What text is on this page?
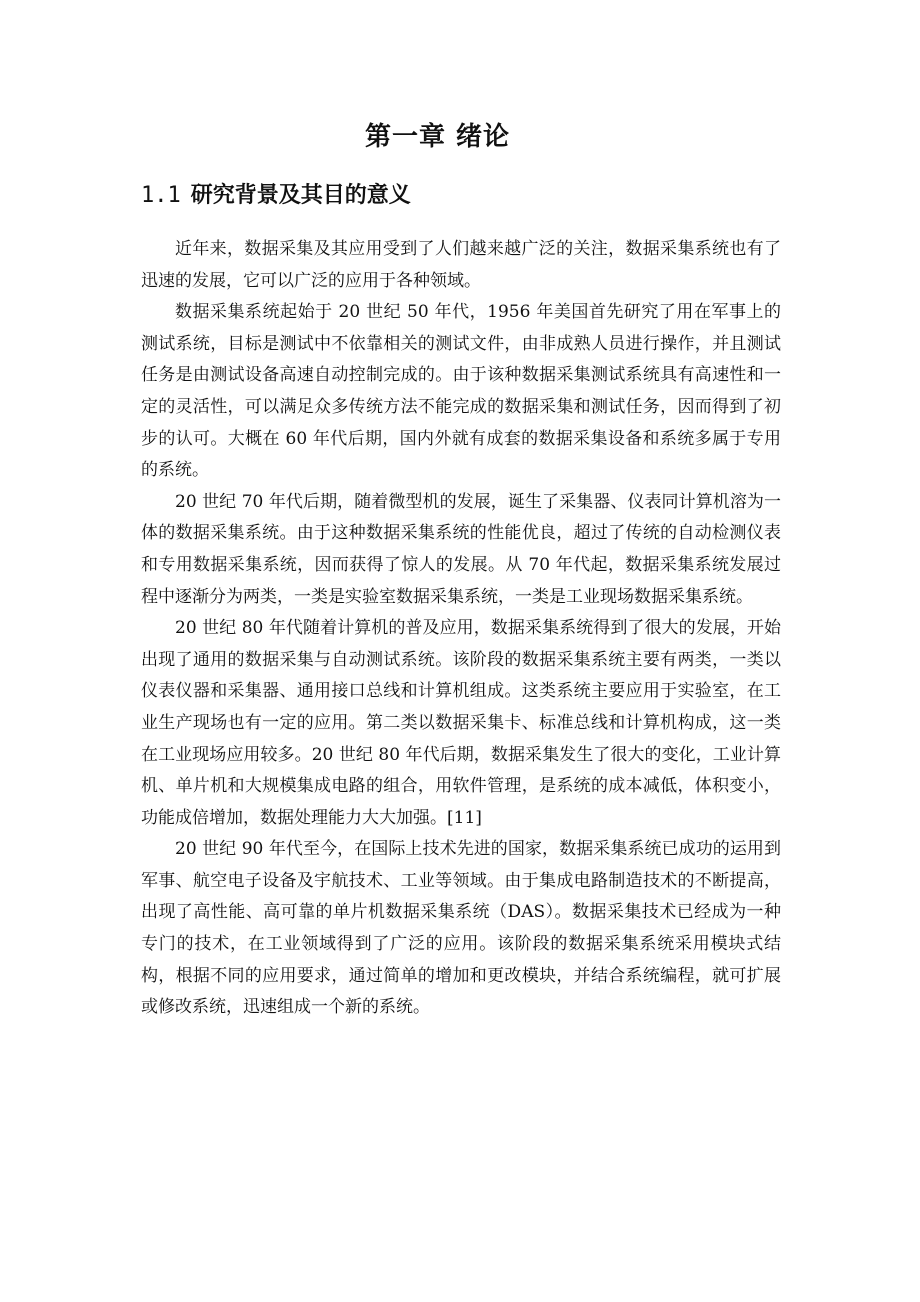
第一章 绪论
1.1 研究背景及其目的意义

近年来，数据采集及其应用受到了人们越来越广泛的关注，数据采集系统也有了迅速的发展，它可以广泛的应用于各种领域。

数据采集系统起始于 20 世纪 50 年代，1956 年美国首先研究了用在军事上的测试系统，目标是测试中不依靠相关的测试文件，由非成熟人员进行操作，并且测试任务是由测试设备高速自动控制完成的。由于该种数据采集测试系统具有高速性和一定的灵活性，可以满足众多传统方法不能完成的数据采集和测试任务，因而得到了初步的认可。大概在 60 年代后期，国内外就有成套的数据采集设备和系统多属于专用的系统。

20 世纪 70 年代后期，随着微型机的发展，诞生了采集器、仪表同计算机溶为一体的数据采集系统。由于这种数据采集系统的性能优良，超过了传统的自动检测仪表和专用数据采集系统，因而获得了惊人的发展。从 70 年代起，数据采集系统发展过程中逐渐分为两类，一类是实验室数据采集系统，一类是工业现场数据采集系统。

20 世纪 80 年代随着计算机的普及应用，数据采集系统得到了很大的发展，开始出现了通用的数据采集与自动测试系统。该阶段的数据采集系统主要有两类，一类以仪表仪器和采集器、通用接口总线和计算机组成。这类系统主要应用于实验室，在工业生产现场也有一定的应用。第二类以数据采集卡、标准总线和计算机构成，这一类在工业现场应用较多。20 世纪 80 年代后期，数据采集发生了很大的变化，工业计算机、单片机和大规模集成电路的组合，用软件管理，是系统的成本减低，体积变小，功能成倍增加，数据处理能力大大加强。[11]

20 世纪 90 年代至今，在国际上技术先进的国家，数据采集系统已成功的运用到军事、航空电子设备及宇航技术、工业等领域。由于集成电路制造技术的不断提高，出现了高性能、高可靠的单片机数据采集系统（DAS）。数据采集技术已经成为一种专门的技术，在工业领域得到了广泛的应用。该阶段的数据采集系统采用模块式结构，根据不同的应用要求，通过简单的增加和更改模块，并结合系统编程，就可扩展或修改系统，迅速组成一个新的系统。
